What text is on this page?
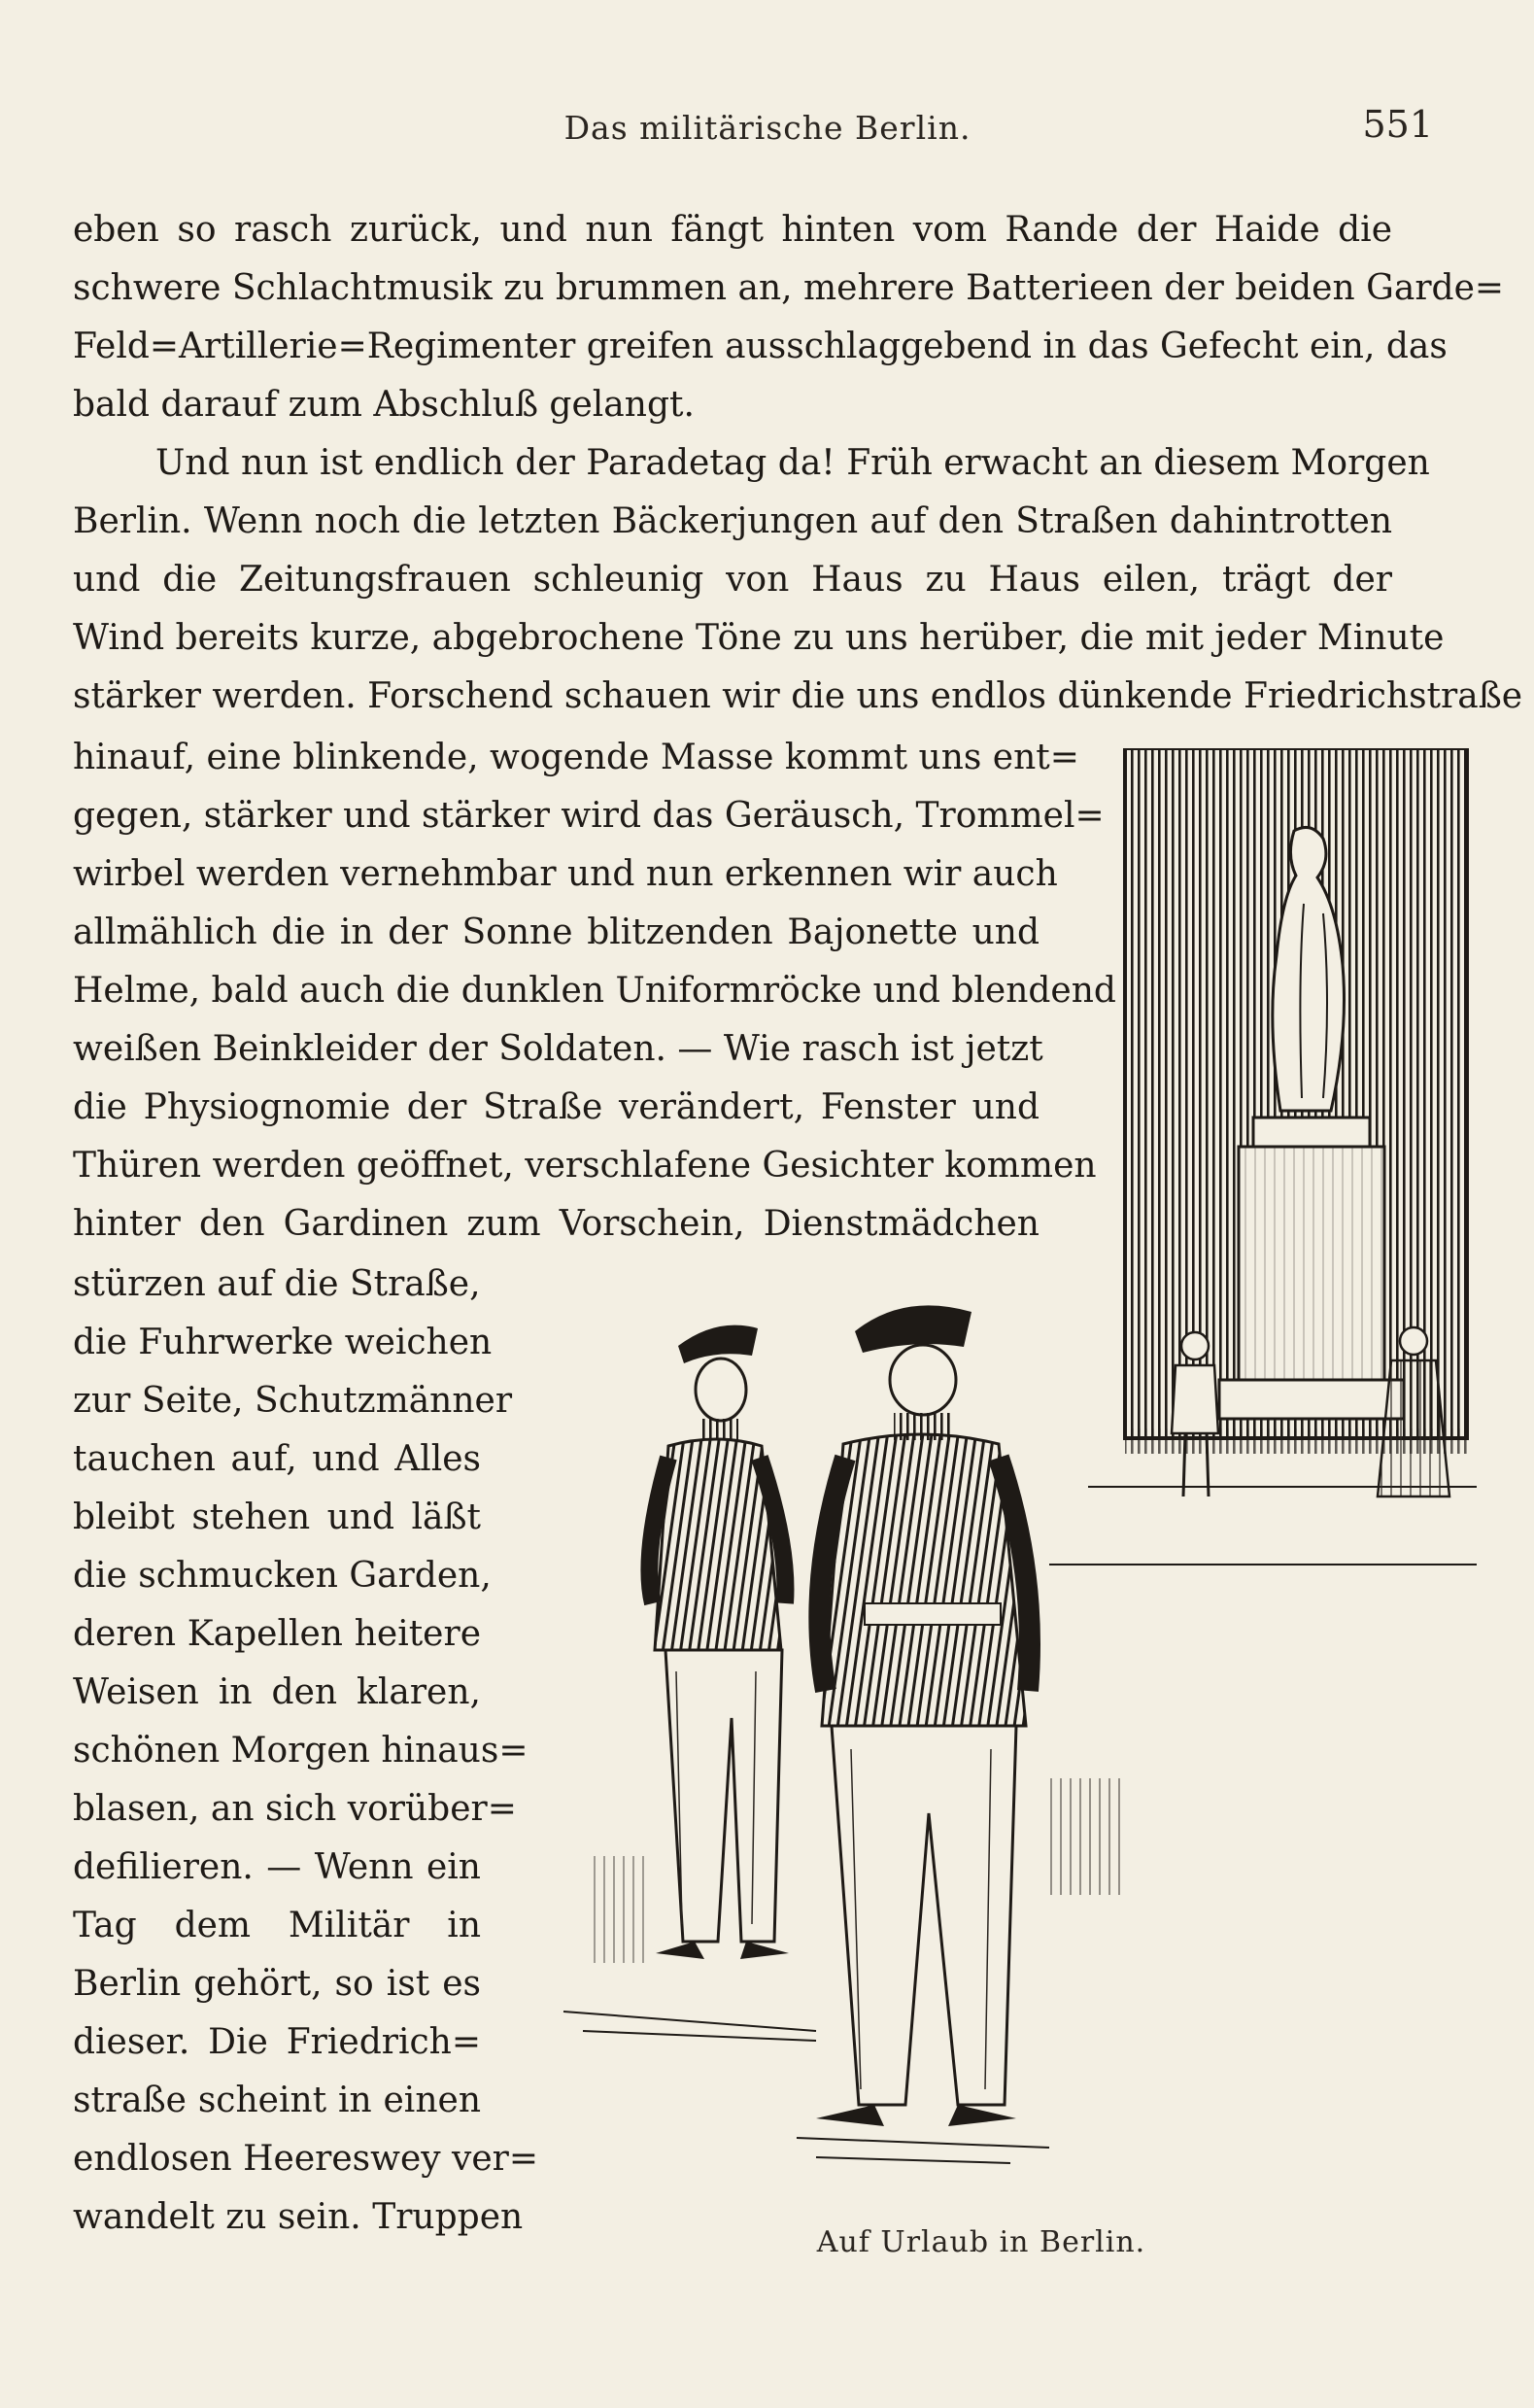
Das militärische Berlin.	551
eben so rasch zurück, und nun fängt hinten vom Rande der Haide die
schwere Schlachtmusik zu brummen an, mehrere Batterieen der beiden Garde=
Feld=Artillerie=Regimenter greifen ausschlaggebend in das Gefecht ein, das
bald darauf zum Abschluß gelangt.
Und nun ist endlich der Paradetag da! Früh erwacht an diesem Morgen
Berlin. Wenn noch die letzten Bäckerjungen auf den Straßen dahintrotten
und die Zeitungsfrauen schleunig von Haus zu Haus eilen, trägt der
Wind bereits kurze, abgebrochene Töne zu uns herüber, die mit jeder Minute
stärker werden. Forschend schauen wir die uns endlos dünkende Friedrichstraße
hinauf, eine blinkende, wogende Masse kommt uns ent=
gegen, stärker und stärker wird das Geräusch, Trommel=
wirbel werden vernehmbar und nun erkennen wir auch
allmählich die in der Sonne blitzenden Bajonette und
Helme, bald auch die dunklen Uniformröcke und blendend
weißen Beinkleider der Soldaten. — Wie rasch ist jetzt
die Physiognomie der Straße verändert, Fenster und
Thüren werden geöffnet, verschlafene Gesichter kommen
hinter den Gardinen zum Vorschein, Dienstmädchen
stürzen auf die Straße,
die Fuhrwerke weichen
zur Seite, Schutzmänner
tauchen auf, und Alles
bleibt stehen und läßt
die schmucken Garden,
deren Kapellen heitere
Weisen in den klaren,
schönen Morgen hinaus=
blasen, an sich vorüber=
defilieren. — Wenn ein
Tag dem Militär in
Berlin gehört, so ist es
dieser. Die Friedrich=
straße scheint in einen
endlosen Heereswey ver=
wandelt zu sein. Truppen
Auf Urlaub in Berlin.
